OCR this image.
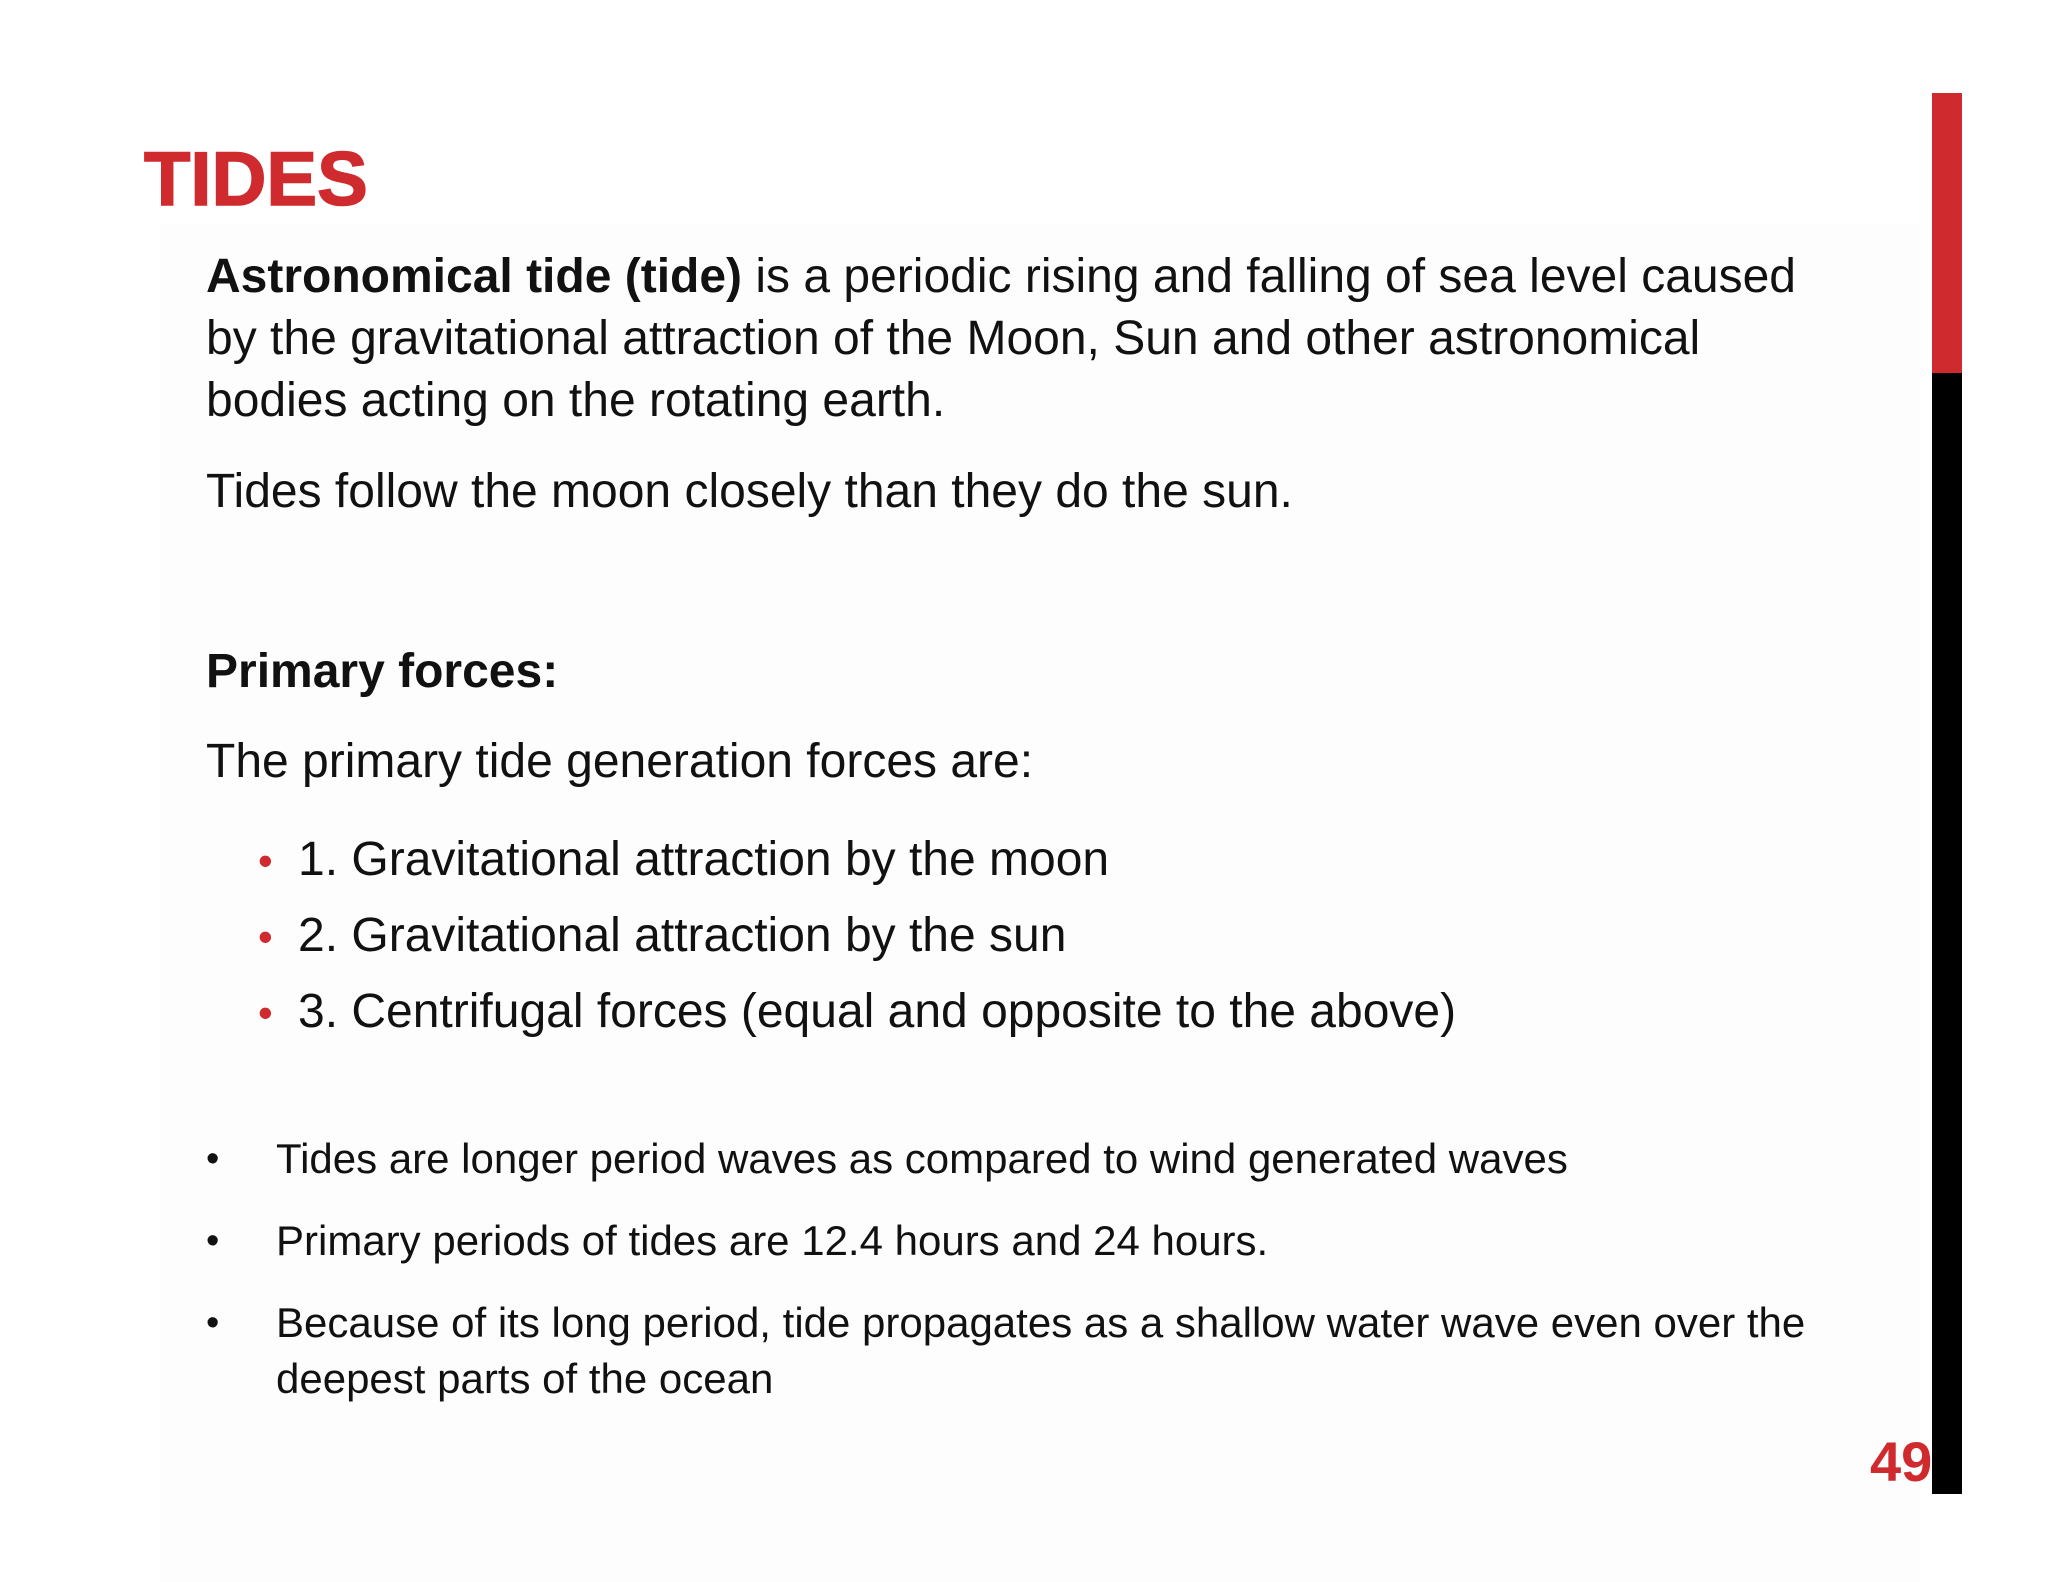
TIDES

Astronomical tide (tide) is a periodic rising and falling of sea level caused by the gravitational attraction of the Moon, Sun and other astronomical bodies acting on the rotating earth.

Tides follow the moon closely than they do the sun.

Primary forces:

The primary tide generation forces are:

• 1. Gravitational attraction by the moon
• 2. Gravitational attraction by the sun
• 3. Centrifugal forces (equal and opposite to the above)
• Tides are longer period waves as compared to wind generated waves
• Primary periods of tides are 12.4 hours and 24 hours.
• Because of its long period, tide propagates as a shallow water wave even over the deepest parts of the ocean
49
